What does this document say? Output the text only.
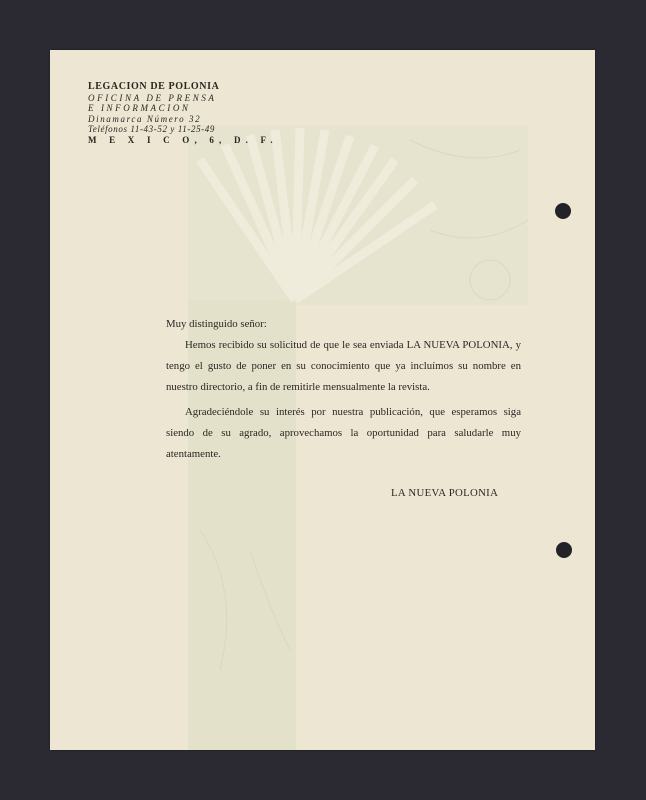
LEGACION DE POLONIA
OFICINA DE PRENSA
E INFORMACION
Dinamarca Número 32
Teléfonos 11-43-52 y 11-25-49
M E X I C O, 6, D. F.
Muy distinguido señor:
Hemos recibido su solicitud de que le sea enviada LA NUEVA POLONIA, y tengo el gusto de poner en su conocimiento que ya incluímos su nombre en nuestro directorio, a fin de remitirle mensualmente la revista.
Agradeciéndole su interés por nuestra publicación, que esperamos siga siendo de su agrado, aprovechamos la oportunidad para saludarle muy atentamente.
LA NUEVA POLONIA
